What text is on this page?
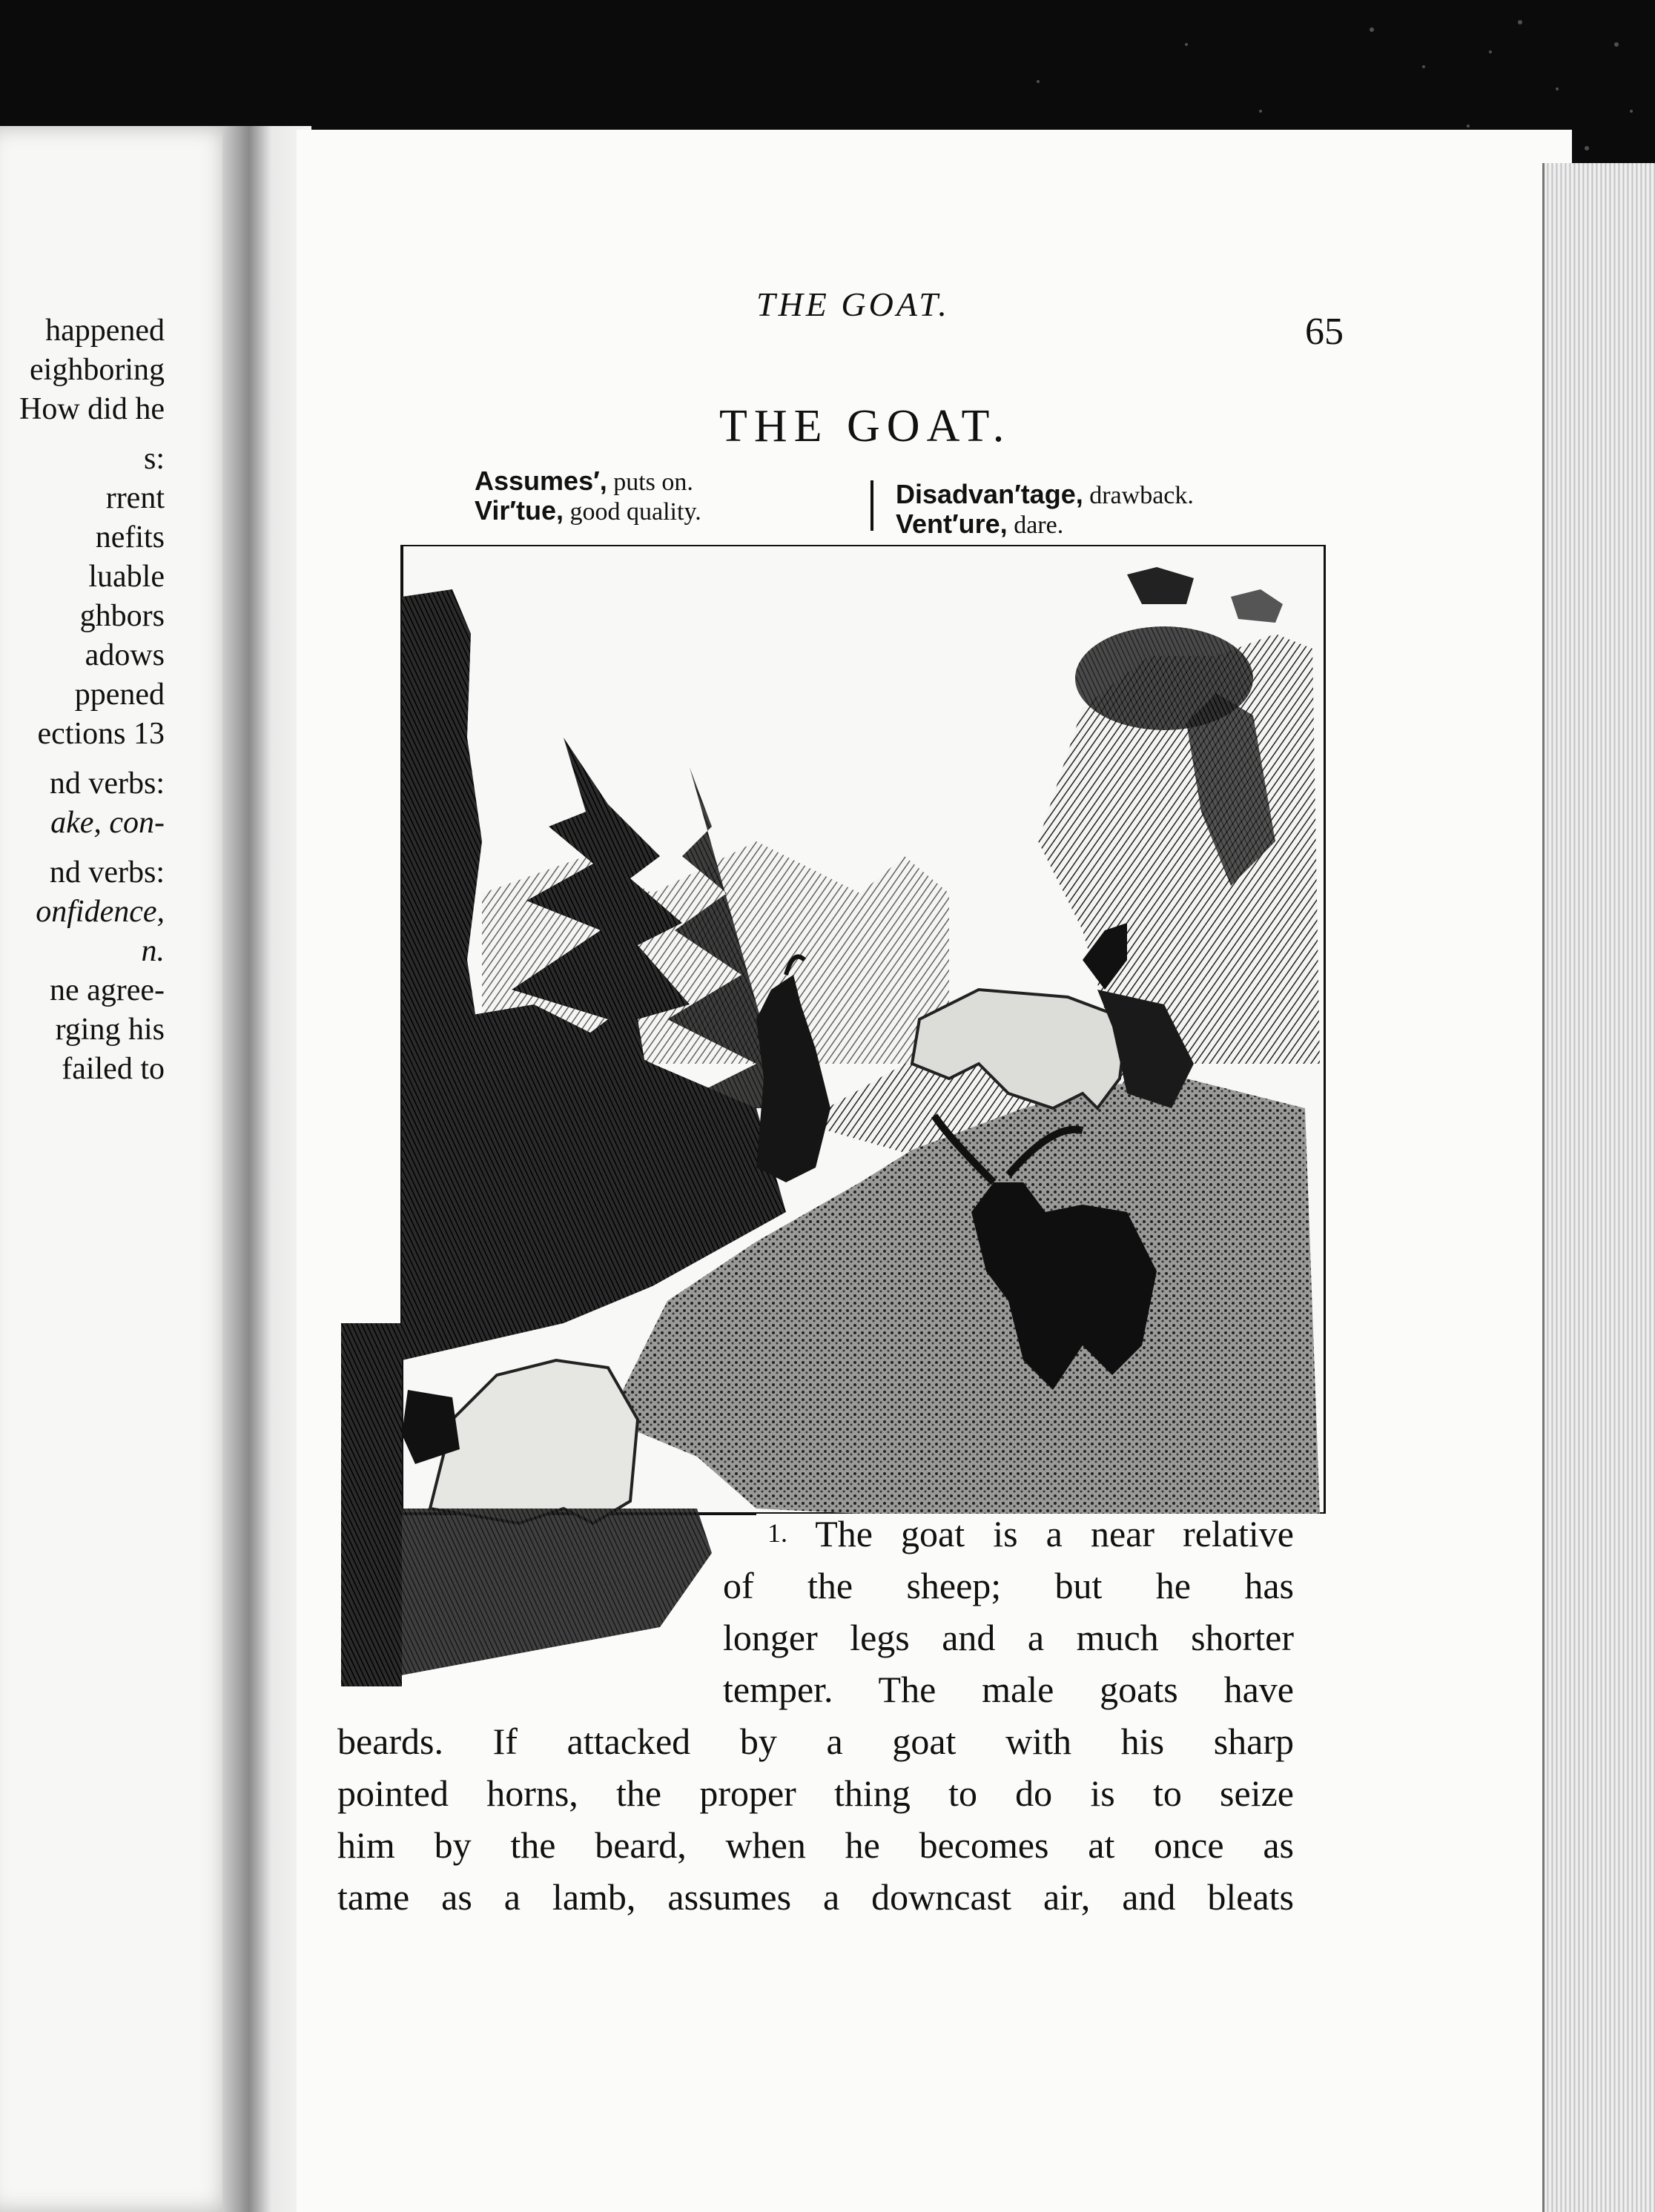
happened
eighboring
How did he
s:
rrent
nefits
luable
ghbors
adows
ppened
ections 13
nd verbs:
ake, con-
nd verbs:
onfidence,
n.
ne agree-
rging his
failed to
THE GOAT.
65
THE GOAT.
Assumes′, puts on.
Vir′tue, good quality.
Disadvan′tage, drawback.
Vent′ure, dare.
1. The goat is a near relative
of the sheep; but he has
longer legs and a much shorter
temper. The male goats have
beards. If attacked by a goat with his sharp
pointed horns, the proper thing to do is to seize
him by the beard, when he becomes at once as
tame as a lamb, assumes a downcast air, and bleats
